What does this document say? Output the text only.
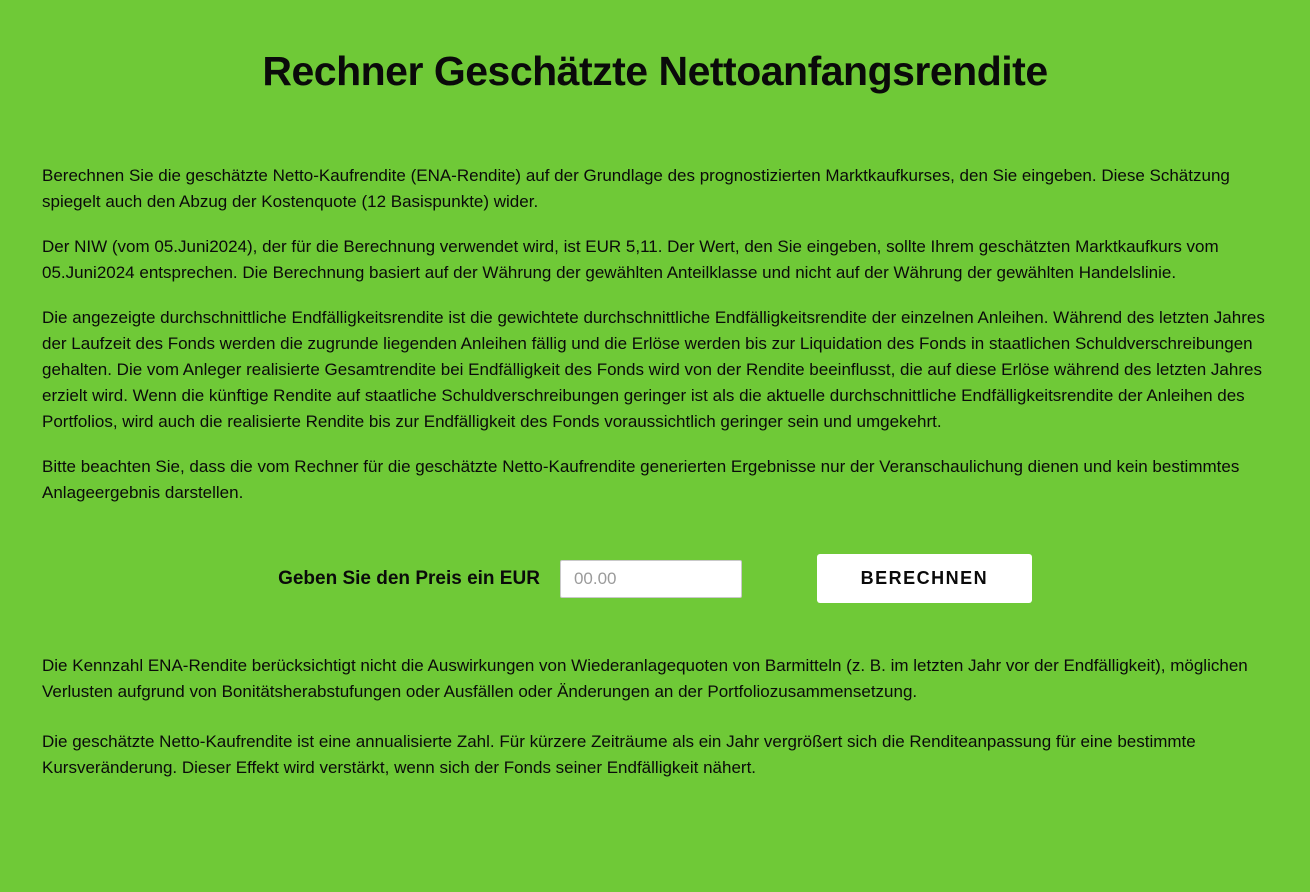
Rechner Geschätzte Nettoanfangsrendite

Berechnen Sie die geschätzte Netto-Kaufrendite (ENA-Rendite) auf der Grundlage des prognostizierten Marktkaufkurses, den Sie eingeben. Diese Schätzung spiegelt auch den Abzug der Kostenquote (12 Basispunkte) wider.

Der NIW (vom 05.Juni2024), der für die Berechnung verwendet wird, ist EUR 5,11. Der Wert, den Sie eingeben, sollte Ihrem geschätzten Marktkaufkurs vom 05.Juni2024 entsprechen. Die Berechnung basiert auf der Währung der gewählten Anteilklasse und nicht auf der Währung der gewählten Handelslinie.

Die angezeigte durchschnittliche Endfälligkeitsrendite ist die gewichtete durchschnittliche Endfälligkeitsrendite der einzelnen Anleihen. Während des letzten Jahres der Laufzeit des Fonds werden die zugrunde liegenden Anleihen fällig und die Erlöse werden bis zur Liquidation des Fonds in staatlichen Schuldverschreibungen gehalten. Die vom Anleger realisierte Gesamtrendite bei Endfälligkeit des Fonds wird von der Rendite beeinflusst, die auf diese Erlöse während des letzten Jahres erzielt wird. Wenn die künftige Rendite auf staatliche Schuldverschreibungen geringer ist als die aktuelle durchschnittliche Endfälligkeitsrendite der Anleihen des Portfolios, wird auch die realisierte Rendite bis zur Endfälligkeit des Fonds voraussichtlich geringer sein und umgekehrt.

Bitte beachten Sie, dass die vom Rechner für die geschätzte Netto-Kaufrendite generierten Ergebnisse nur der Veranschaulichung dienen und kein bestimmtes Anlageergebnis darstellen.

Geben Sie den Preis ein EUR
00.00	BERECHNEN

Die Kennzahl ENA-Rendite berücksichtigt nicht die Auswirkungen von Wiederanlagequoten von Barmitteln (z. B. im letzten Jahr vor der Endfälligkeit), möglichen Verlusten aufgrund von Bonitätsherabstufungen oder Ausfällen oder Änderungen an der Portfoliozusammensetzung.

Die geschätzte Netto-Kaufrendite ist eine annualisierte Zahl. Für kürzere Zeiträume als ein Jahr vergrößert sich die Renditeanpassung für eine bestimmte Kursveränderung. Dieser Effekt wird verstärkt, wenn sich der Fonds seiner Endfälligkeit nähert.
